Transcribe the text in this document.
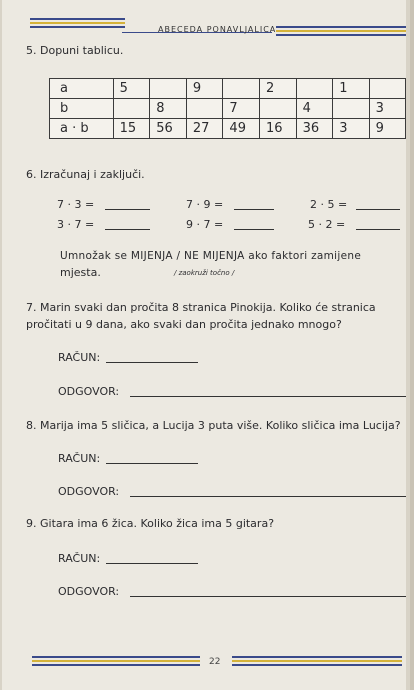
ABECEDA PONAVLJALICA
5. Dopuni tablicu.
a	5		9		2		1	
b		8		7		4		3
a · b	15	56	27	49	16	36	3	9
6. Izračunaj i zaključi.
7 · 3 =	7 · 9 =	2 · 5 =
3 · 7 =	9 · 7 =	5 · 2 =
Umnožak se MIJENJA / NE MIJENJA ako faktori zamijene
mjesta.	/ zaokruži točno /
7. Marin svaki dan pročita 8 stranica Pinokija. Koliko će stranica
pročitati u 9 dana, ako svaki dan pročita jednako mnogo?
RAČUN:
ODGOVOR:
8. Marija ima 5 sličica, a Lucija 3 puta više. Koliko sličica ima Lucija?
RAČUN:
ODGOVOR:
9. Gitara ima 6 žica. Koliko žica ima 5 gitara?
RAČUN:
ODGOVOR:
22
